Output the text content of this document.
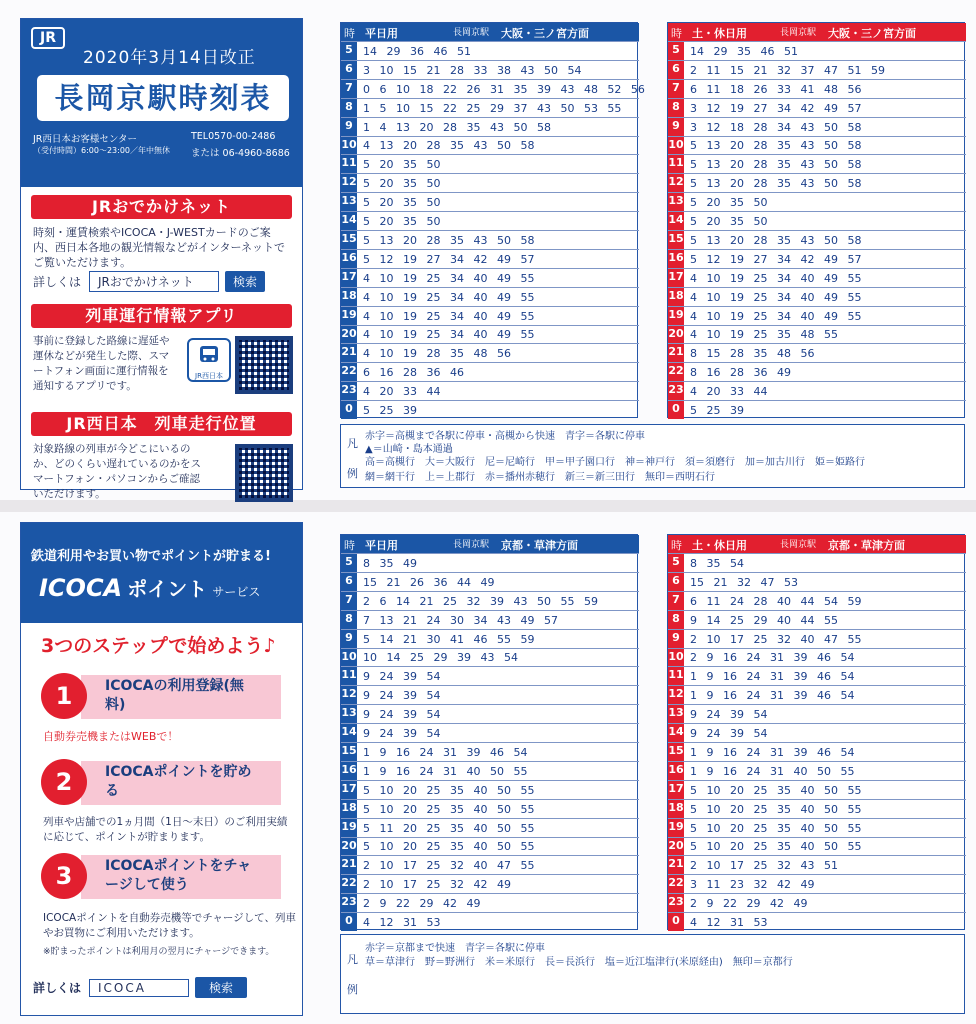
JR
2020年3月14日改正
長岡京駅時刻表
JR西日本お客様センター
（受付時間）6:00～23:00／年中無休
TEL0570-00-2486
または 06-4960-8686
JRおでかけネット
時刻・運賃検索やICOCA・J-WESTカードのご案内、西日本各地の観光情報などがインターネットでご覧いただけます。
詳しくは	JRおでかけネット	検索
列車運行情報アプリ
事前に登録した路線に遅延や運休などが発生した際、スマートフォン画面に運行情報を通知するアプリです。
JR西日本
JR西日本　列車走行位置
対象路線の列車が今どこにいるのか、どのくらい遅れているのかをスマートフォン・パソコンからご確認いただけます。
時 平日用	長岡京駅 大阪・三ノ宮方面
5 14 29 36 46 51
6 3 10 15 21 28 33 38 43 50 54
7 0 6 10 18 22 26 31 35 39 43 48 52 56
8 1 5 10 15 22 25 29 37 43 50 53 55
9 1 4 13 20 28 35 43 50 58
10 4 13 20 28 35 43 50 58
11 5 20 35 50
12 5 20 35 50
13 5 20 35 50
14 5 20 35 50
15 5 13 20 28 35 43 50 58
16 5 12 19 27 34 42 49 57
17 4 10 19 25 34 40 49 55
18 4 10 19 25 34 40 49 55
19 4 10 19 25 34 40 49 55
20 4 10 19 25 34 40 49 55
21 4 10 19 28 35 48 56
22 6 16 28 36 46
23 4 20 33 44
0 5 25 39
時 土・休日用	長岡京駅 大阪・三ノ宮方面
5 14 29 35 46 51
6 2 11 15 21 32 37 47 51 59
7 6 11 18 26 33 41 48 56
8 3 12 19 27 34 42 49 57
9 3 12 18 28 34 43 50 58
10 5 13 20 28 35 43 50 58
11 5 13 20 28 35 43 50 58
12 5 13 20 28 35 43 50 58
13 5 20 35 50
14 5 20 35 50
15 5 13 20 28 35 43 50 58
16 5 12 19 27 34 42 49 57
17 4 10 19 25 34 40 49 55
18 4 10 19 25 34 40 49 55
19 4 10 19 25 34 40 49 55
20 4 10 19 25 35 48 55
21 8 15 28 35 48 56
22 8 16 28 36 49
23 4 20 33 44
0 5 25 39
凡
例
赤字＝高槻まで各駅に停車・高槻から快速　青字＝各駅に停車
▲＝山崎・島本通過
高＝高槻行　大＝大阪行　尼＝尼崎行　甲＝甲子園口行　神＝神戸行　須＝須磨行　加＝加古川行　姫＝姫路行
網＝網干行　上＝上郡行　赤＝播州赤穂行　新三＝新三田行　無印＝西明石行
鉄道利用やお買い物でポイントが貯まる!
ICOCA ポイント サービス
3つのステップで始めよう♪
ICOCAの利用登録(無料)
1
自動券売機またはWEBで！
ICOCAポイントを貯める
2
列車や店舗での1ヵ月間（1日～末日）のご利用実績に応じて、ポイントが貯まります。
ICOCAポイントをチャージして使う
3
ICOCAポイントを自動券売機等でチャージして、列車やお買物にご利用いただけます。
※貯まったポイントは利用月の翌月にチャージできます。
詳しくは	ICOCA	検索
時 平日用	長岡京駅 京都・草津方面
5 8 35 49
6 15 21 26 36 44 49
7 2 6 14 21 25 32 39 43 50 55 59
8 7 13 21 24 30 34 43 49 57
9 5 14 21 30 41 46 55 59
10 10 14 25 29 39 43 54
11 9 24 39 54
12 9 24 39 54
13 9 24 39 54
14 9 24 39 54
15 1 9 16 24 31 39 46 54
16 1 9 16 24 31 40 50 55
17 5 10 20 25 35 40 50 55
18 5 10 20 25 35 40 50 55
19 5 11 20 25 35 40 50 55
20 5 10 20 25 35 40 50 55
21 2 10 17 25 32 40 47 55
22 2 10 17 25 32 42 49
23 2 9 22 29 42 49
0 4 12 31 53
時 土・休日用	長岡京駅 京都・草津方面
5 8 35 54
6 15 21 32 47 53
7 6 11 24 28 40 44 54 59
8 9 14 25 29 40 44 55
9 2 10 17 25 32 40 47 55
10 2 9 16 24 31 39 46 54
11 1 9 16 24 31 39 46 54
12 1 9 16 24 31 39 46 54
13 9 24 39 54
14 9 24 39 54
15 1 9 16 24 31 39 46 54
16 1 9 16 24 31 40 50 55
17 5 10 20 25 35 40 50 55
18 5 10 20 25 35 40 50 55
19 5 10 20 25 35 40 50 55
20 5 10 20 25 35 40 50 55
21 2 10 17 25 32 43 51
22 3 11 23 32 42 49
23 2 9 22 29 42 49
0 4 12 31 53
凡
例
赤字＝京都まで快速　青字＝各駅に停車
草＝草津行　野＝野洲行　米＝米原行　長＝長浜行　塩＝近江塩津行(米原経由)　無印＝京都行
